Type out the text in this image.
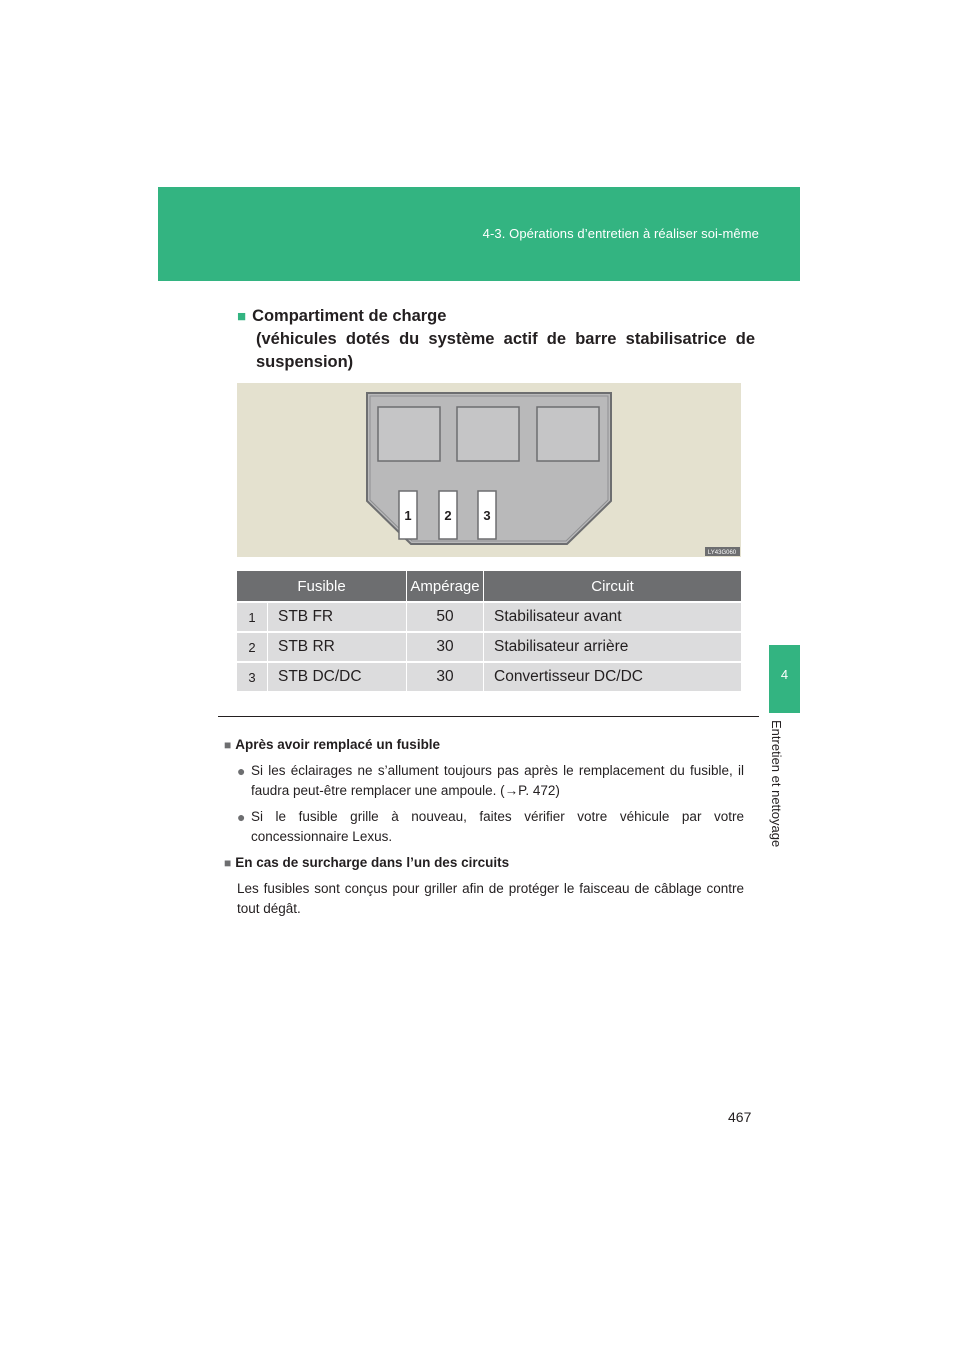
4-3. Opérations d’entretien à réaliser soi-même
4
Entretien et nettoyage
■ Compartiment de charge
(véhicules dotés du système actif de barre stabilisatrice de
suspension)
1	2 3
LY43G060
Fusible		Ampérage	Circuit
1	STB FR	50	Stabilisateur avant
2	STB RR	30	Stabilisateur arrière
3	STB DC/DC	30	Convertisseur DC/DC
■ Après avoir remplacé un fusible
● Si les éclairages ne s’allument toujours pas après le remplacement du fusible, il faudra peut-être remplacer une ampoule. (→P. 472)
● Si le fusible grille à nouveau, faites vérifier votre véhicule par votre concessionnaire Lexus.
■ En cas de surcharge dans l’un des circuits
Les fusibles sont conçus pour griller afin de protéger le faisceau de câblage contre tout dégât.
467
